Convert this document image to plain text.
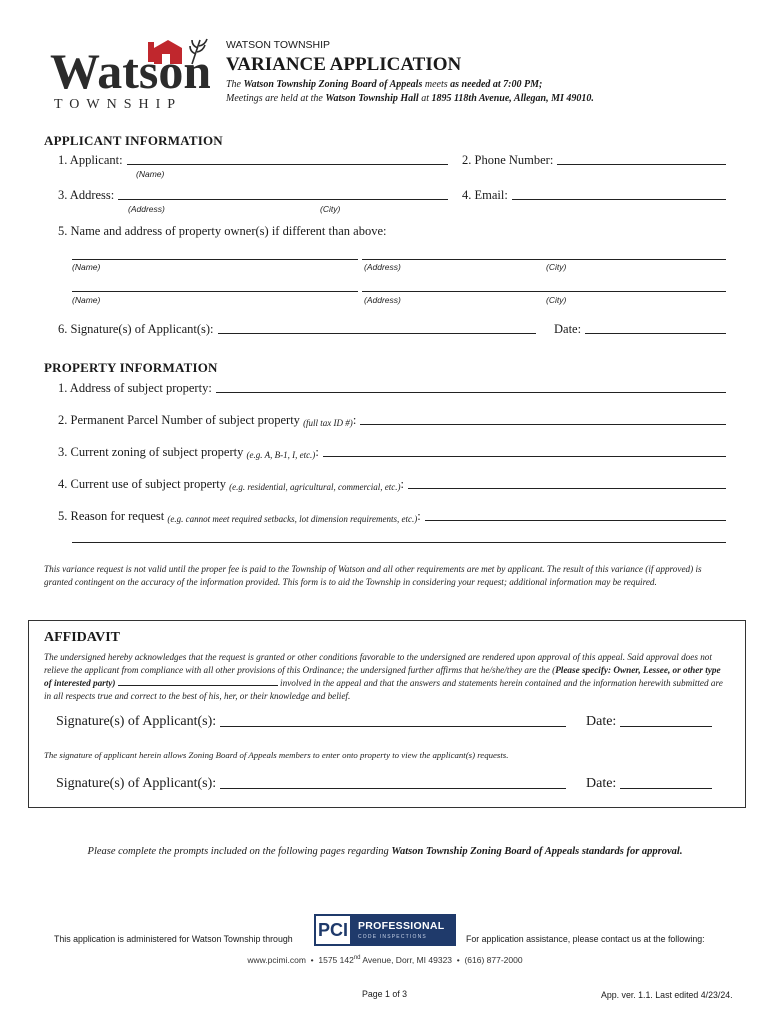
Watson
TOWNSHIP
WATSON TOWNSHIP
VARIANCE APPLICATION
The Watson Township Zoning Board of Appeals meets as needed at 7:00 PM;
Meetings are held at the Watson Township Hall at 1895 118th Avenue, Allegan, MI 49010.
APPLICANT INFORMATION
1. Applicant:
(Name)
2. Phone Number:
3. Address:
(Address)	(City)
4. Email:
5. Name and address of property owner(s) if different than above:
(Name)	(Address)	(City)
(Name)	(Address)	(City)
6. Signature(s) of Applicant(s):	Date:
PROPERTY INFORMATION
1. Address of subject property:
2. Permanent Parcel Number of subject property
(full tax ID #) :
3. Current zoning of subject property
(e.g. A, B-1, I, etc.) :
4. Current use of subject property
(e.g. residential, agricultural, commercial, etc.) :
5. Reason for request
(e.g. cannot meet required setbacks, lot dimension requirements, etc.) :
This variance request is not valid until the proper fee is paid to the Township of Watson and all other requirements are met by applicant. The result of this variance (if approved) is granted contingent on the accuracy of the information provided. This form is to aid the Township in considering your request; additional information may be required.
AFFIDAVIT
The undersigned hereby acknowledges that the request is granted or other conditions favorable to the undersigned are rendered upon approval of this appeal. Said approval does not relieve the applicant from compliance with all other provisions of this Ordinance; the undersigned further affirms that he/she/they are the (Please specify: Owner, Lessee, or other type of interested party)	involved in the appeal and that the answers and statements herein contained and the information herewith submitted are in all respects true and correct to the best of his, her, or their knowledge and belief.
Signature(s) of Applicant(s):	Date:
The signature of applicant herein allows Zoning Board of Appeals members to enter onto property to view the applicant(s) requests.
Signature(s) of Applicant(s):	Date:
Please complete the prompts included on the following pages regarding Watson Township Zoning Board of Appeals standards for approval.
This application is administered for Watson Township through PCI PROFESSIONAL
CODE INSPECTIONS	For application assistance, please contact us at the following:
www.pcimi.com  •  1575 142nd Avenue, Dorr, MI 49323  •  (616) 877-2000
Page 1 of 3	App. ver. 1.1. Last edited 4/23/24.
